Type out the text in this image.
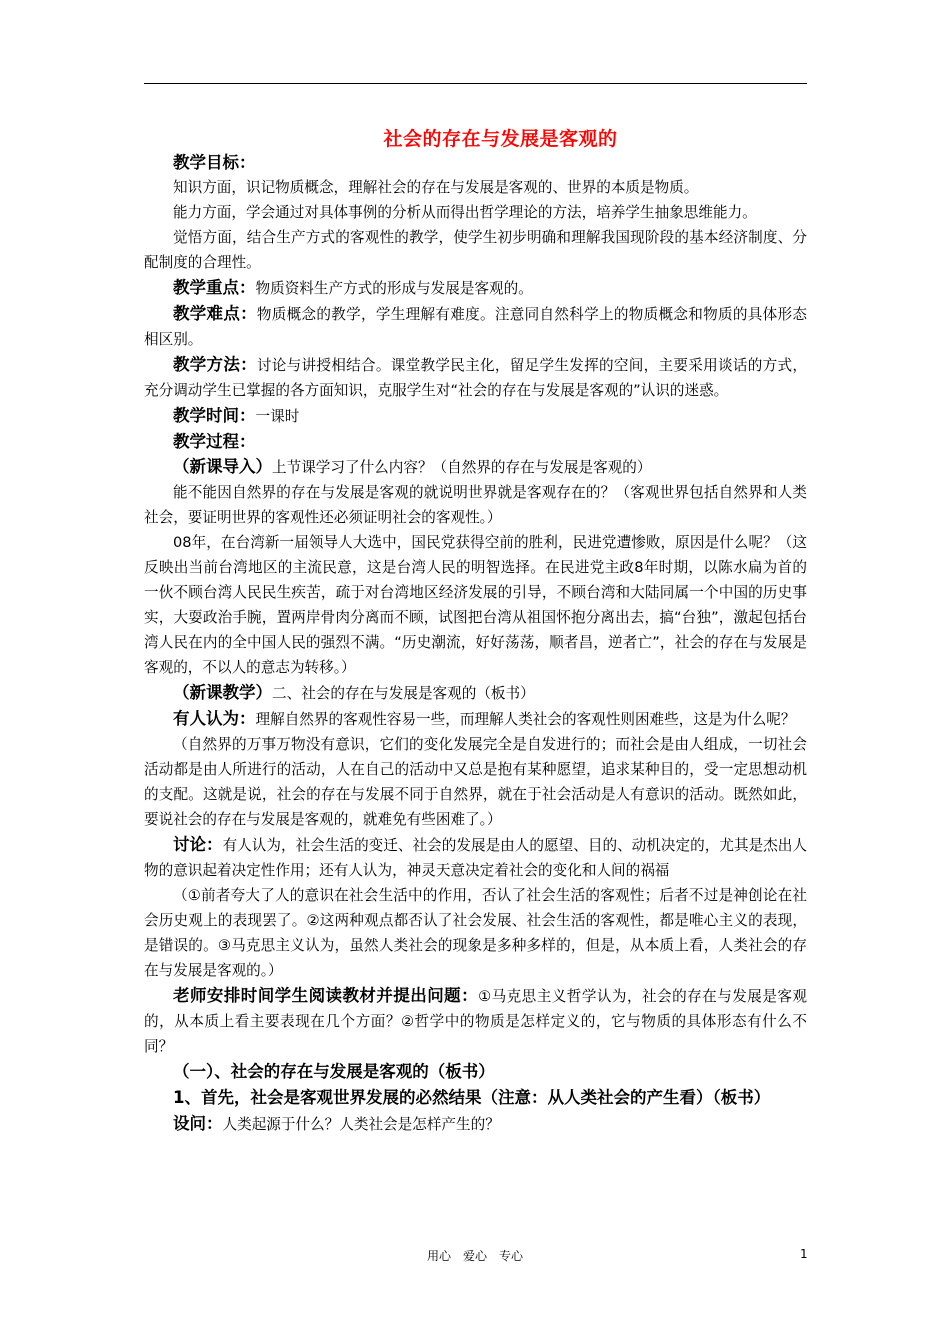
社会的存在与发展是客观的

教学目标：

知识方面，识记物质概念，理解社会的存在与发展是客观的、世界的本质是物质。

能力方面，学会通过对具体事例的分析从而得出哲学理论的方法，培养学生抽象思维能力。

觉悟方面，结合生产方式的客观性的教学，使学生初步明确和理解我国现阶段的基本经济制度、分配制度的合理性。

教学重点：物质资料生产方式的形成与发展是客观的。

教学难点：物质概念的教学，学生理解有难度。注意同自然科学上的物质概念和物质的具体形态相区别。

教学方法：讨论与讲授相结合。课堂教学民主化，留足学生发挥的空间，主要采用谈话的方式，充分调动学生已掌握的各方面知识，克服学生对“社会的存在与发展是客观的”认识的迷惑。

教学时间：一课时

教学过程：

（新课导入）上节课学习了什么内容？（自然界的存在与发展是客观的）

能不能因自然界的存在与发展是客观的就说明世界就是客观存在的？（客观世界包括自然界和人类社会，要证明世界的客观性还必须证明社会的客观性。）

08年，在台湾新一届领导人大选中，国民党获得空前的胜利，民进党遭惨败，原因是什么呢？（这反映出当前台湾地区的主流民意，这是台湾人民的明智选择。在民进党主政8年时期，以陈水扁为首的一伙不顾台湾人民民生疾苦，疏于对台湾地区经济发展的引导，不顾台湾和大陆同属一个中国的历史事实，大耍政治手腕，置两岸骨肉分离而不顾，试图把台湾从祖国怀抱分离出去，搞“台独”，激起包括台湾人民在内的全中国人民的强烈不满。“历史潮流，好好荡荡，顺者昌，逆者亡”，社会的存在与发展是客观的，不以人的意志为转移。）

（新课教学）二、社会的存在与发展是客观的（板书）

有人认为：理解自然界的客观性容易一些，而理解人类社会的客观性则困难些，这是为什么呢？

（自然界的万事万物没有意识，它们的变化发展完全是自发进行的；而社会是由人组成，一切社会活动都是由人所进行的活动，人在自己的活动中又总是抱有某种愿望，追求某种目的，受一定思想动机的支配。这就是说，社会的存在与发展不同于自然界，就在于社会活动是人有意识的活动。既然如此，要说社会的存在与发展是客观的，就难免有些困难了。）

讨论：有人认为，社会生活的变迁、社会的发展是由人的愿望、目的、动机决定的，尤其是杰出人物的意识起着决定性作用；还有人认为，神灵天意决定着社会的变化和人间的祸福

（①前者夸大了人的意识在社会生活中的作用，否认了社会生活的客观性；后者不过是神创论在社会历史观上的表现罢了。②这两种观点都否认了社会发展、社会生活的客观性，都是唯心主义的表现，是错误的。③马克思主义认为，虽然人类社会的现象是多种多样的，但是，从本质上看，人类社会的存在与发展是客观的。）

老师安排时间学生阅读教材并提出问题：①马克思主义哲学认为，社会的存在与发展是客观的，从本质上看主要表现在几个方面？②哲学中的物质是怎样定义的，它与物质的具体形态有什么不同？

（一）、社会的存在与发展是客观的（板书）

1、首先，社会是客观世界发展的必然结果（注意：从人类社会的产生看）（板书）

设问：人类起源于什么？人类社会是怎样产生的？

用心　爱心　专心	1
